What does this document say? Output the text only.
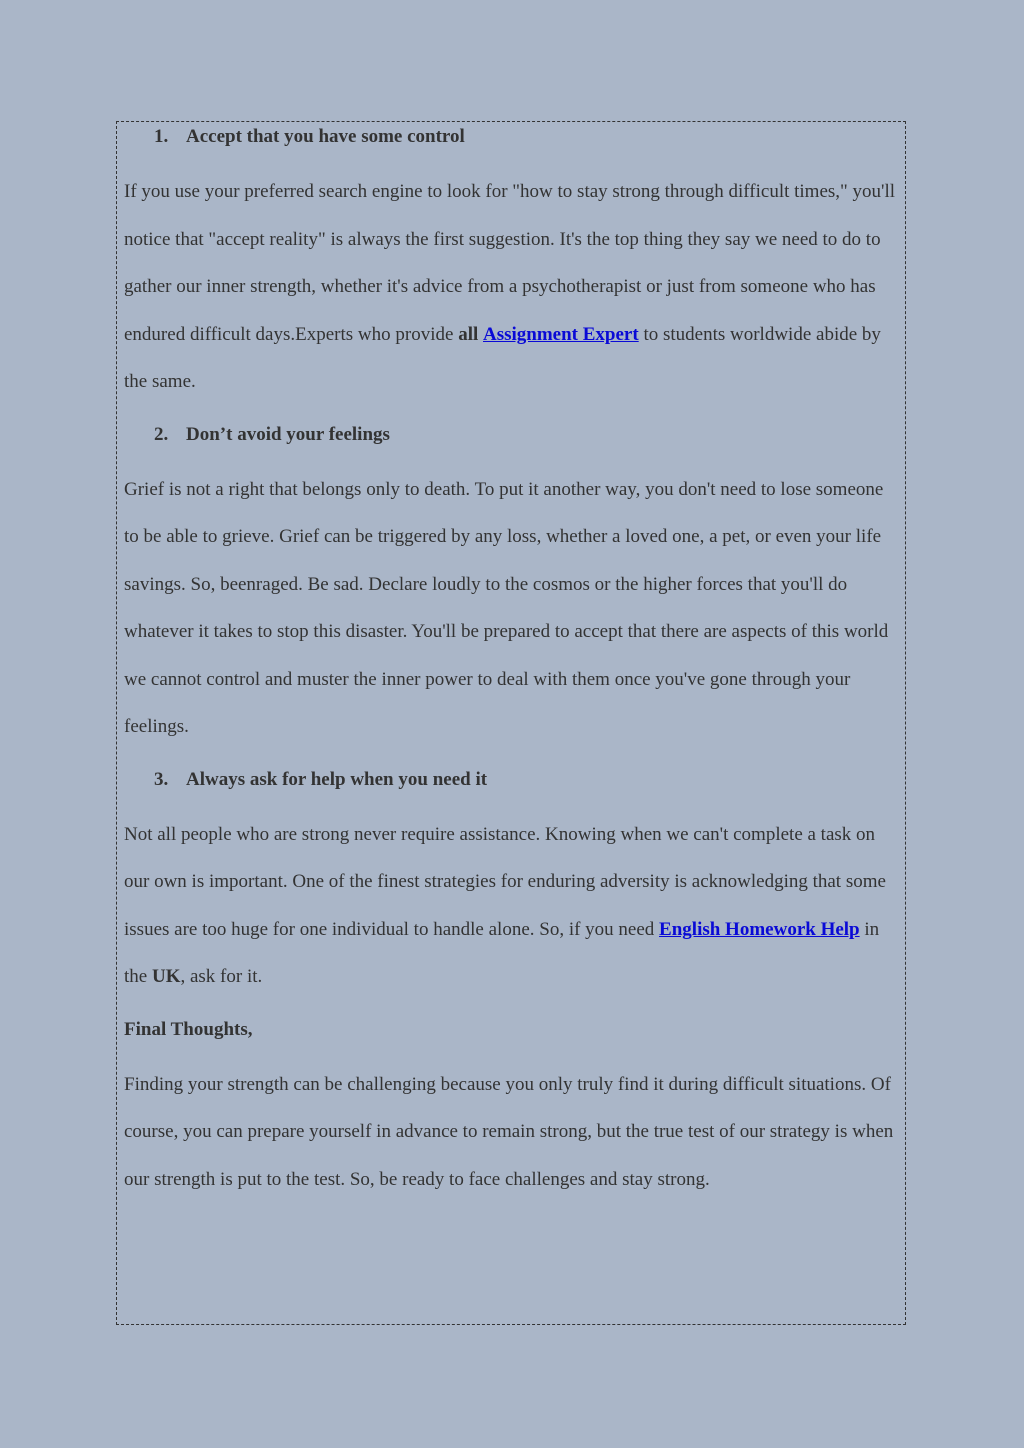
1. Accept that you have some control

If you use your preferred search engine to look for "how to stay strong through difficult times," you'll notice that "accept reality" is always the first suggestion. It's the top thing they say we need to do to gather our inner strength, whether it's advice from a psychotherapist or just from someone who has endured difficult days.Experts who provide all Assignment Expert to students worldwide abide by the same.

2. Don’t avoid your feelings

Grief is not a right that belongs only to death. To put it another way, you don't need to lose someone to be able to grieve. Grief can be triggered by any loss, whether a loved one, a pet, or even your life savings. So, beenraged. Be sad. Declare loudly to the cosmos or the higher forces that you'll do whatever it takes to stop this disaster. You'll be prepared to accept that there are aspects of this world we cannot control and muster the inner power to deal with them once you've gone through your feelings.

3. Always ask for help when you need it

Not all people who are strong never require assistance. Knowing when we can't complete a task on our own is important. One of the finest strategies for enduring adversity is acknowledging that some issues are too huge for one individual to handle alone. So, if you need English Homework Help in the UK, ask for it.

Final Thoughts,

Finding your strength can be challenging because you only truly find it during difficult situations. Of course, you can prepare yourself in advance to remain strong, but the true test of our strategy is when our strength is put to the test. So, be ready to face challenges and stay strong.
